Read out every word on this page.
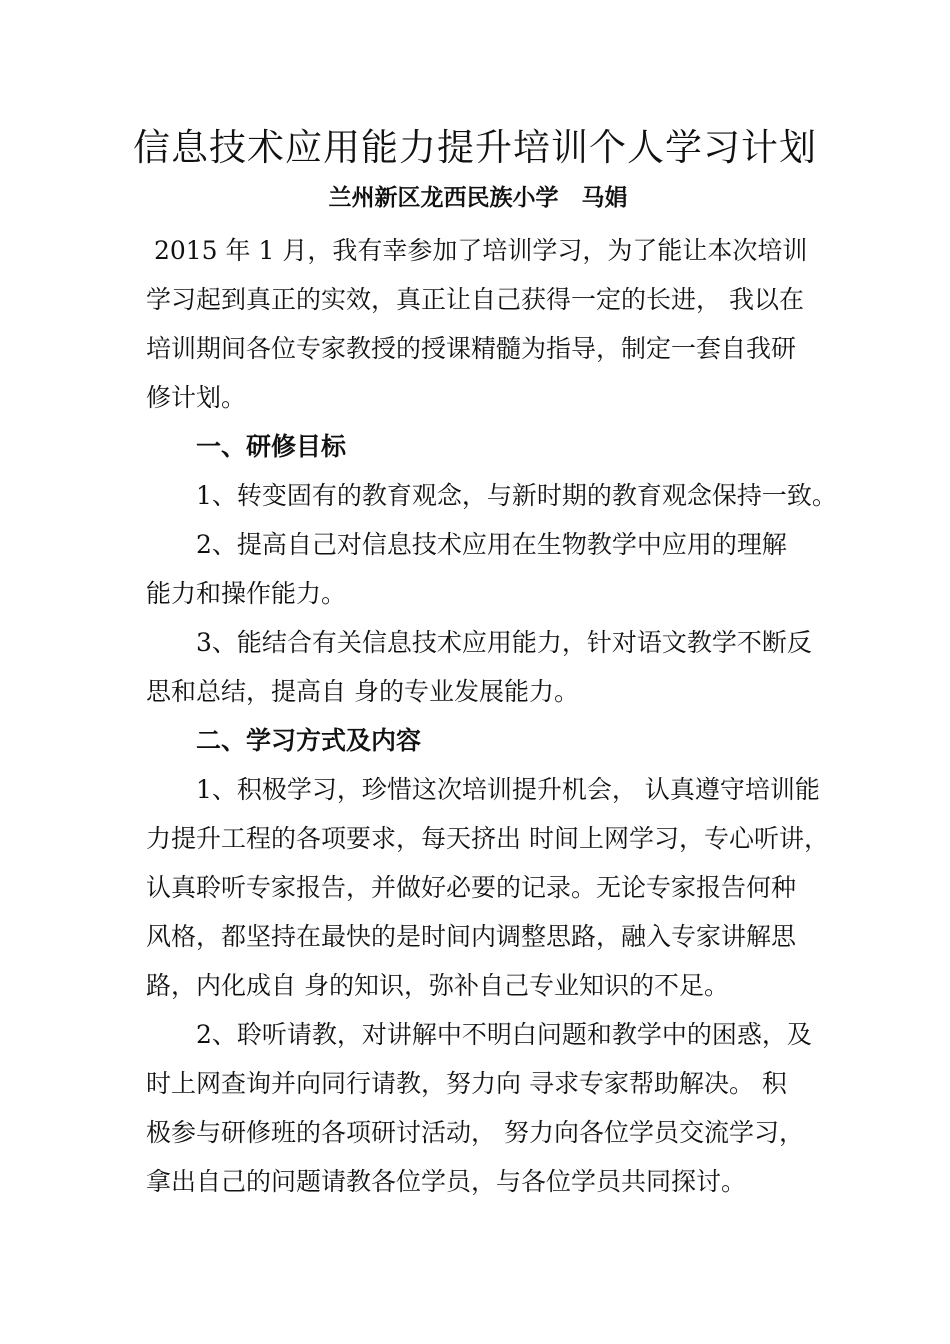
信息技术应用能力提升培训个人学习计划
兰州新区龙西民族小学　马娟
2015 年 1 月，我有幸参加了培训学习，为了能让本次培训
学习起到真正的实效，真正让自己获得一定的长进， 我以在
培训期间各位专家教授的授课精髓为指导，制定一套自我研
修计划。
一、研修目标
1、转变固有的教育观念，与新时期的教育观念保持一致。
2、提高自己对信息技术应用在生物教学中应用的理解
能力和操作能力。
3、能结合有关信息技术应用能力，针对语文教学不断反
思和总结，提高自 身的专业发展能力。
二、学习方式及内容
1、积极学习，珍惜这次培训提升机会， 认真遵守培训能
力提升工程的各项要求，每天挤出 时间上网学习，专心听讲，
认真聆听专家报告，并做好必要的记录。无论专家报告何种
风格，都坚持在最快的是时间内调整思路，融入专家讲解思
路，内化成自 身的知识，弥补自己专业知识的不足。
2、聆听请教，对讲解中不明白问题和教学中的困惑，及
时上网查询并向同行请教，努力向 寻求专家帮助解决。 积
极参与研修班的各项研讨活动， 努力向各位学员交流学习，
拿出自己的问题请教各位学员，与各位学员共同探讨。
